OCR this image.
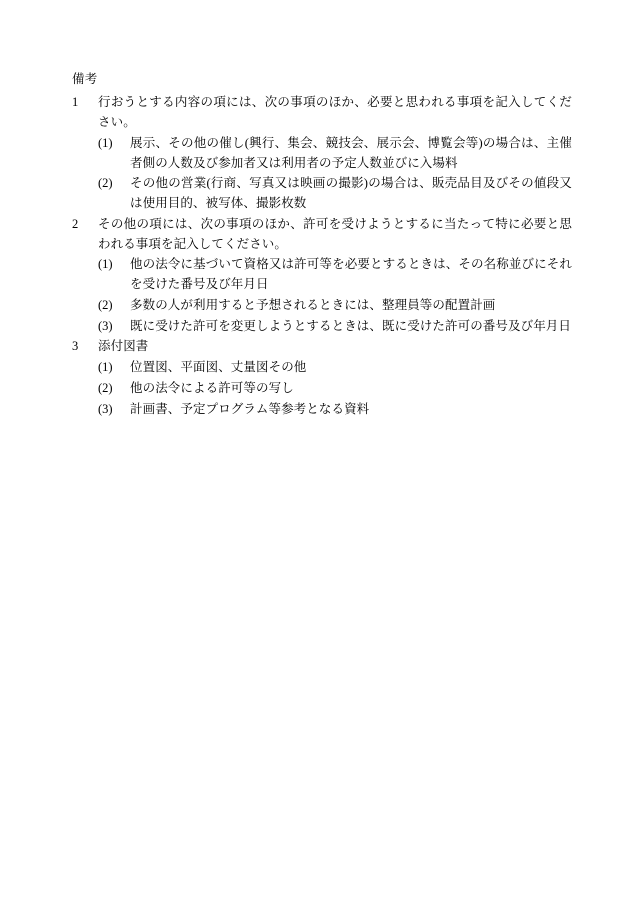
備考
1	行おうとする内容の項には、次の事項のほか、必要と思われる事項を記入してください。
(1)	展示、その他の催し(興行、集会、競技会、展示会、博覧会等)の場合は、主催者側の人数及び参加者又は利用者の予定人数並びに入場料
(2)	その他の営業(行商、写真又は映画の撮影)の場合は、販売品目及びその値段又は使用目的、被写体、撮影枚数
2	その他の項には、次の事項のほか、許可を受けようとするに当たって特に必要と思われる事項を記入してください。
(1)	他の法令に基づいて資格又は許可等を必要とするときは、その名称並びにそれを受けた番号及び年月日
(2)	多数の人が利用すると予想されるときには、整理員等の配置計画
(3)	既に受けた許可を変更しようとするときは、既に受けた許可の番号及び年月日
3	添付図書
(1)	位置図、平面図、丈量図その他
(2)	他の法令による許可等の写し
(3)	計画書、予定プログラム等参考となる資料
